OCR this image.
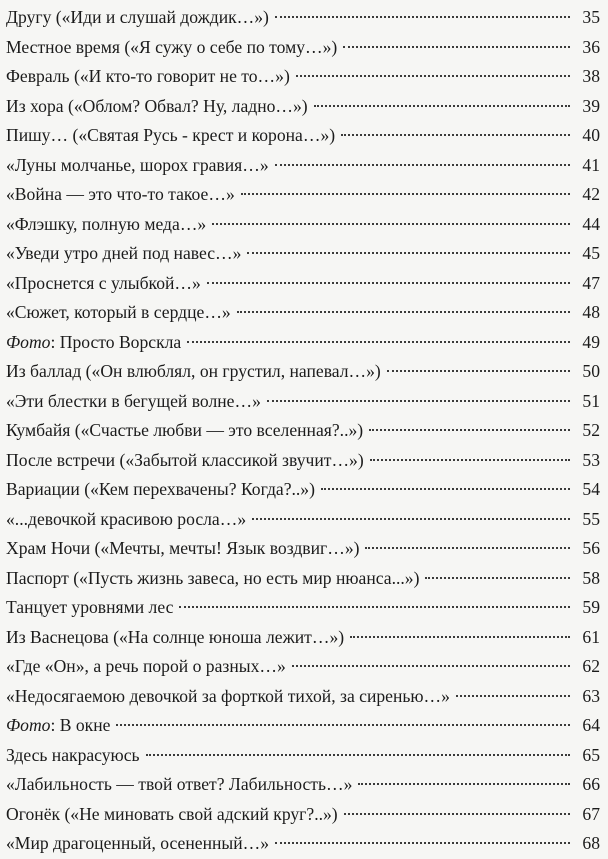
Другу («Иди и слушай дождик…»)	35
Местное время («Я сужу о себе по тому…»)	36
Февраль («И кто-то говорит не то…»)	38
Из хора («Облом? Обвал? Ну, ладно…»)	39
Пишу… («Святая Русь - крест и корона…»)	40
«Луны молчанье, шорох гравия…»	41
«Война — это что-то такое…»	42
«Флэшку, полную меда…»	44
«Уведи утро дней под навес…»	45
«Проснется с улыбкой…»	47
«Сюжет, который в сердце…»	48
Фото: Просто Ворскла	49
Из баллад («Он влюблял, он грустил, напевал…»)	50
«Эти блестки в бегущей волне…»	51
Кумбайя («Счастье любви — это вселенная?..»)	52
После встречи («Забытой классикой звучит…»)	53
Вариации («Кем перехвачены? Когда?..»)	54
«...девочкой красивою росла…»	55
Храм Ночи («Мечты, мечты! Язык воздвиг…»)	56
Паспорт («Пусть жизнь завеса, но есть мир нюанса...»)	58
Танцует уровнями лес	59
Из Васнецова («На солнце юноша лежит…»)	61
«Где «Он», а речь порой о разных…»	62
«Недосягаемою девочкой за форткой тихой, за сиренью…»	63
Фото: В окне	64
Здесь накрасуюсь	65
«Лабильность — твой ответ? Лабильность…»	66
Огонёк («Не миновать свой адский круг?..»)	67
«Мир драгоценный, осененный…»	68
